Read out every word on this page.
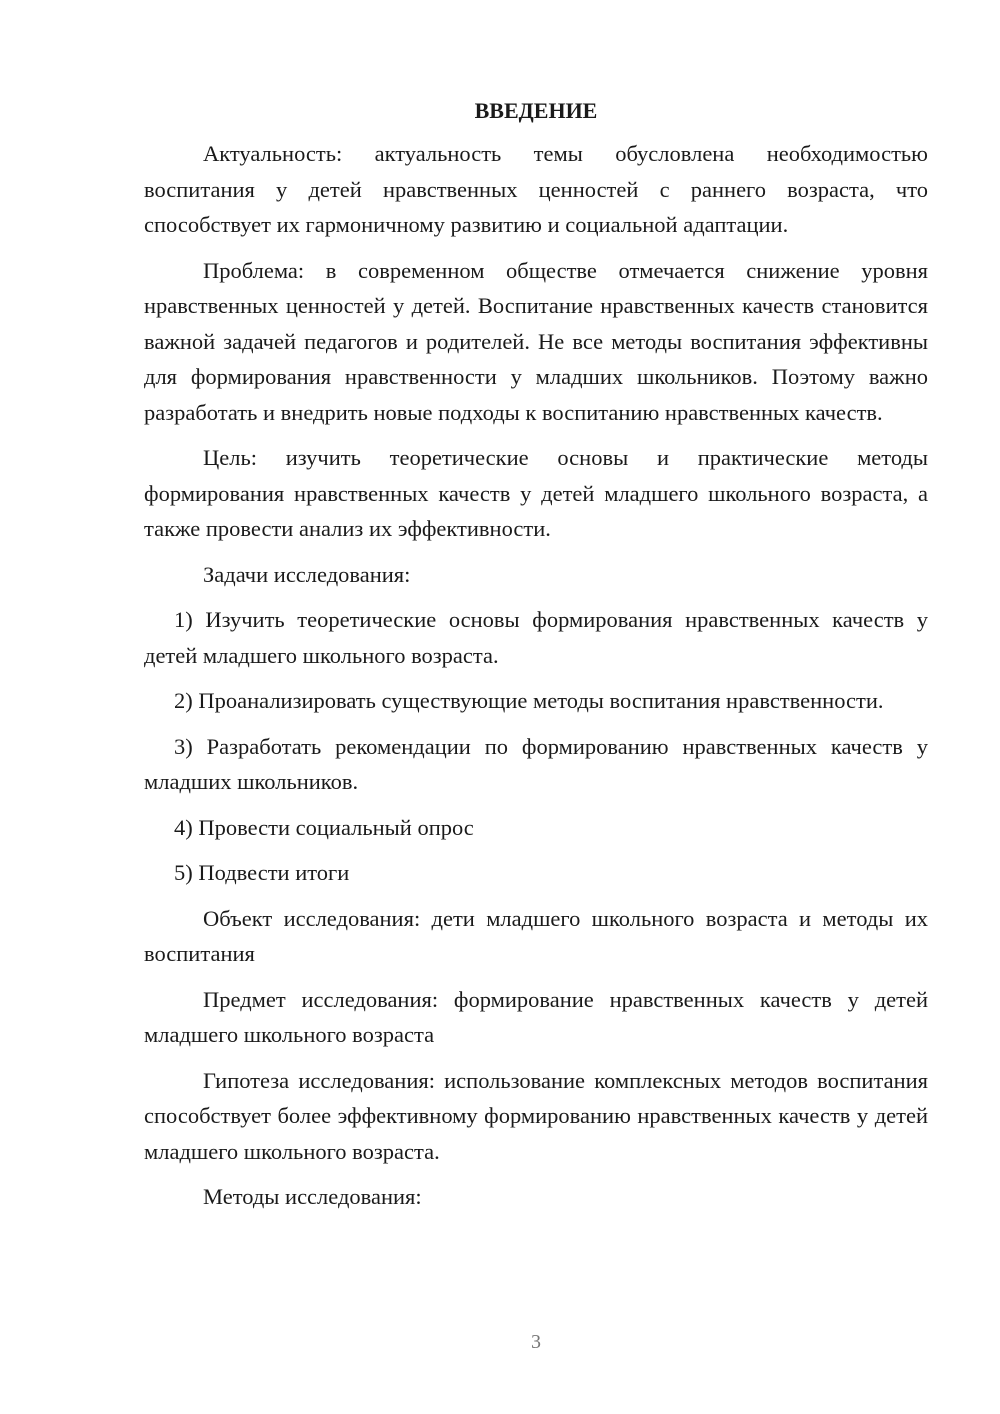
ВВЕДЕНИЕ

Актуальность: актуальность темы обусловлена необходимостью воспитания у детей нравственных ценностей с раннего возраста, что способствует их гармоничному развитию и социальной адаптации.

Проблема: в современном обществе отмечается снижение уровня нравственных ценностей у детей. Воспитание нравственных качеств становится важной задачей педагогов и родителей. Не все методы воспитания эффективны для формирования нравственности у младших школьников. Поэтому важно разработать и внедрить новые подходы к воспитанию нравственных качеств.

Цель: изучить теоретические основы и практические методы формирования нравственных качеств у детей младшего школьного возраста, а также провести анализ их эффективности.

Задачи исследования:

1) Изучить теоретические основы формирования нравственных качеств у детей младшего школьного возраста.

2) Проанализировать существующие методы воспитания нравственности.

3) Разработать рекомендации по формированию нравственных качеств у младших школьников.

4) Провести социальный опрос

5) Подвести итоги

Объект исследования: дети младшего школьного возраста и методы их воспитания

Предмет исследования: формирование нравственных качеств у детей младшего школьного возраста

Гипотеза исследования: использование комплексных методов воспитания способствует более эффективному формированию нравственных качеств у детей младшего школьного возраста.

Методы исследования:

3
